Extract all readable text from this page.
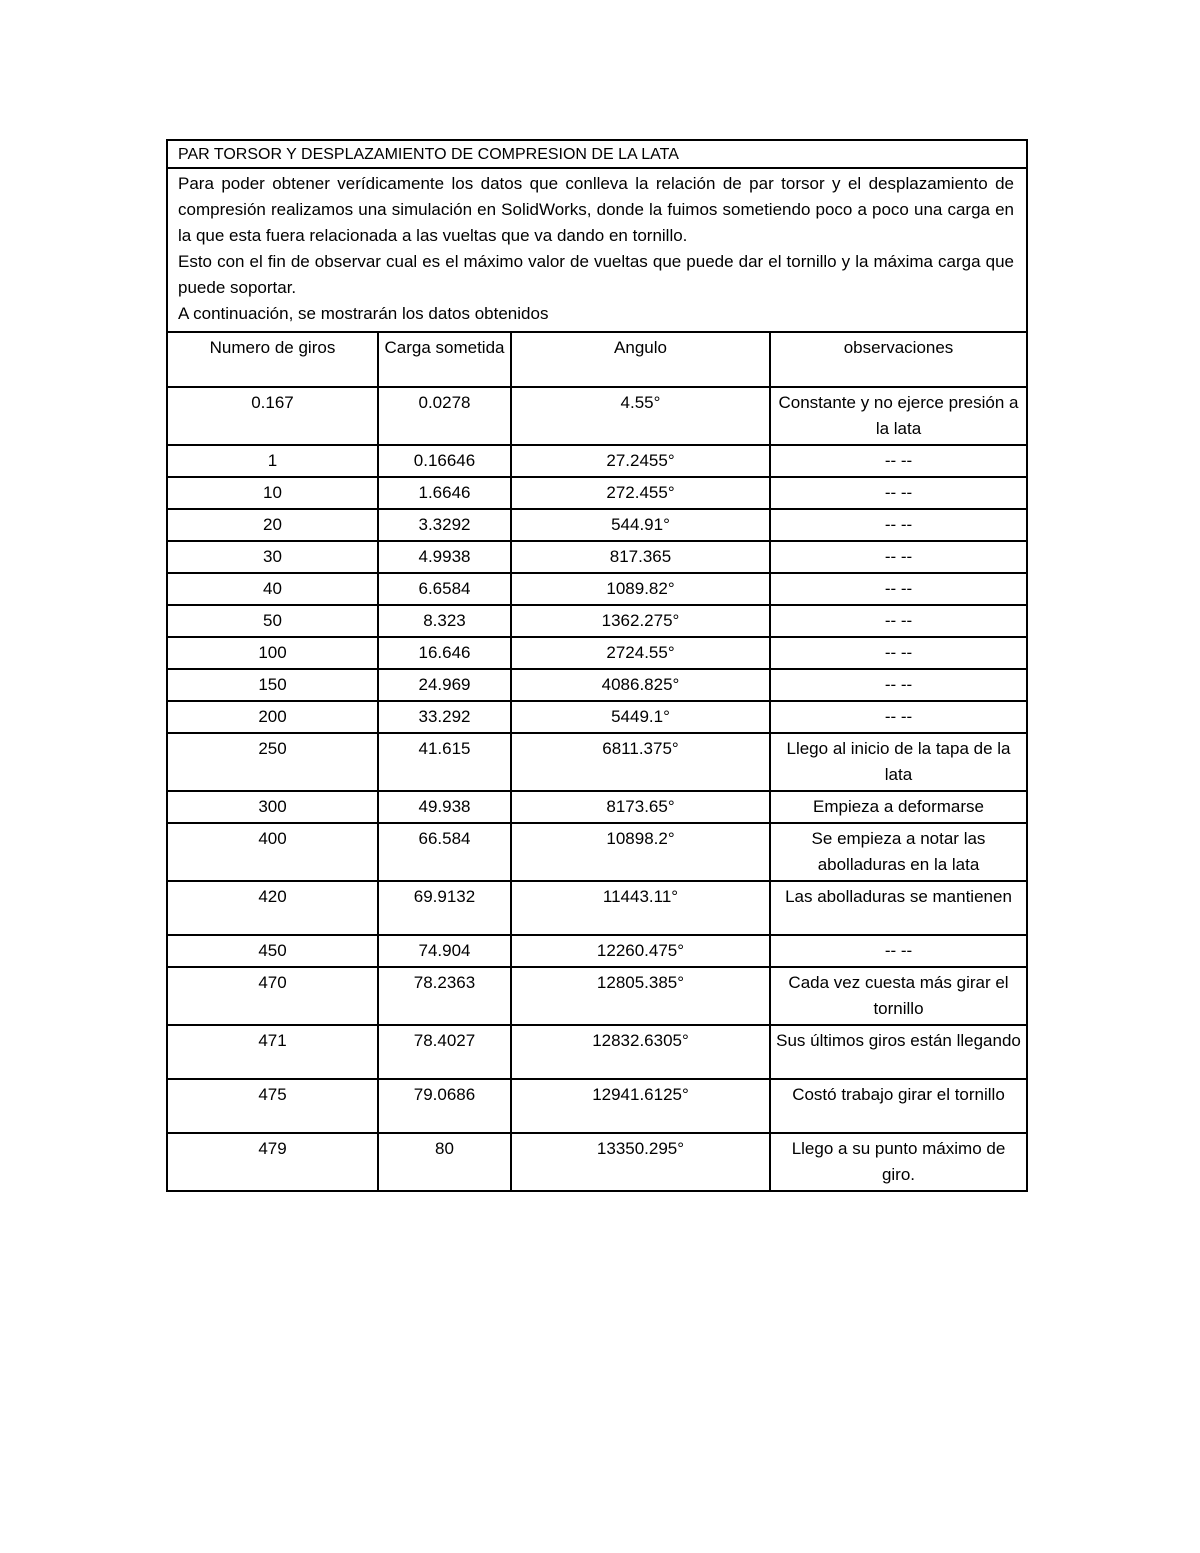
PAR TORSOR Y DESPLAZAMIENTO DE COMPRESION DE LA LATA

Para poder obtener verídicamente los datos que conlleva la relación de par torsor y el desplazamiento de compresión realizamos una simulación en SolidWorks, donde la fuimos sometiendo poco a poco una carga en la que esta fuera relacionada a las vueltas que va dando en tornillo.

Esto con el fin de observar cual es el máximo valor de vueltas que puede dar el tornillo y la máxima carga que puede soportar.

A continuación, se mostrarán los datos obtenidos

Numero de giros	Carga sometida	Angulo	observaciones
0.167	0.0278	4.55°	Constante y no ejerce presión a la lata
1	0.16646	27.2455°	-- --
10	1.6646	272.455°	-- --
20	3.3292	544.91°	-- --
30	4.9938	817.365	-- --
40	6.6584	1089.82°	-- --
50	8.323	1362.275°	-- --
100	16.646	2724.55°	-- --
150	24.969	4086.825°	-- --
200	33.292	5449.1°	-- --
250	41.615	6811.375°	Llego al inicio de la tapa de la lata
300	49.938	8173.65°	Empieza a deformarse
400	66.584	10898.2°	Se empieza a notar las abolladuras en la lata
420	69.9132	11443.11°	Las abolladuras se mantienen
450	74.904	12260.475°	-- --
470	78.2363	12805.385°	Cada vez cuesta más girar el tornillo
471	78.4027	12832.6305°	Sus últimos giros están llegando
475	79.0686	12941.6125°	Costó trabajo girar el tornillo
479	80	13350.295°	Llego a su punto máximo de giro.
